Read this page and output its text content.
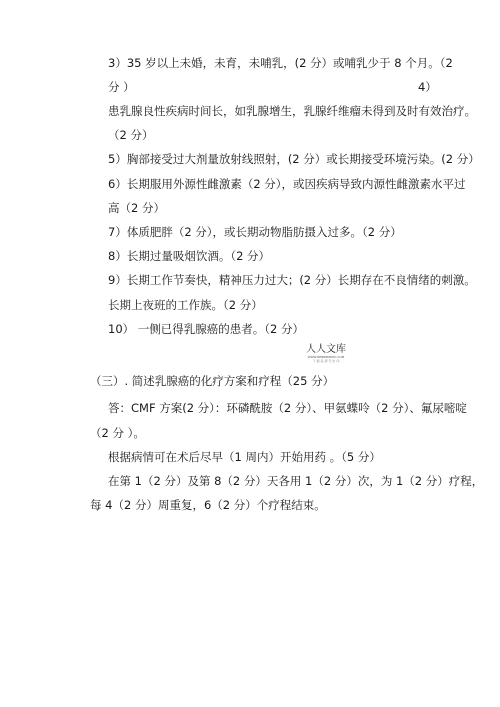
3）35 岁以上未婚，未育，未哺乳，(2 分）或哺乳少于 8 个月。（2
分 ）	4）
患乳腺良性疾病时间长，如乳腺增生，乳腺纤维瘤未得到及时有效治疗。
（2 分）
5）胸部接受过大剂量放射线照射，(2 分）或长期接受环境污染。(2 分）
6）长期服用外源性雌激素（2 分），或因疾病导致内源性雌激素水平过
高（2 分）
7）体质肥胖（2 分），或长期动物脂肪摄入过多。（2 分）
8）长期过量吸烟饮酒。（2 分）
9）长期工作节奏快，精神压力过大；(2 分）长期存在不良情绪的刺激。
长期上夜班的工作族。（2 分）
10） 一侧已得乳腺癌的患者。（2 分）
人人文库
WWW.RENRENDOC.COM
下 载 高 清 无 水 印
（三）. 简述乳腺癌的化疗方案和疗程（25 分）
答：CMF 方案(2 分）：环磷酰胺（2 分）、甲氨蝶呤（2 分）、氟尿嘧啶
（2 分 ）。
根据病情可在术后尽早（1 周内）开始用药 。（5 分）
在第 1（2 分）及第 8（2 分）天各用 1（2 分）次，为 1（2 分）疗程，
每 4（2 分）周重复，6（2 分）个疗程结束。
